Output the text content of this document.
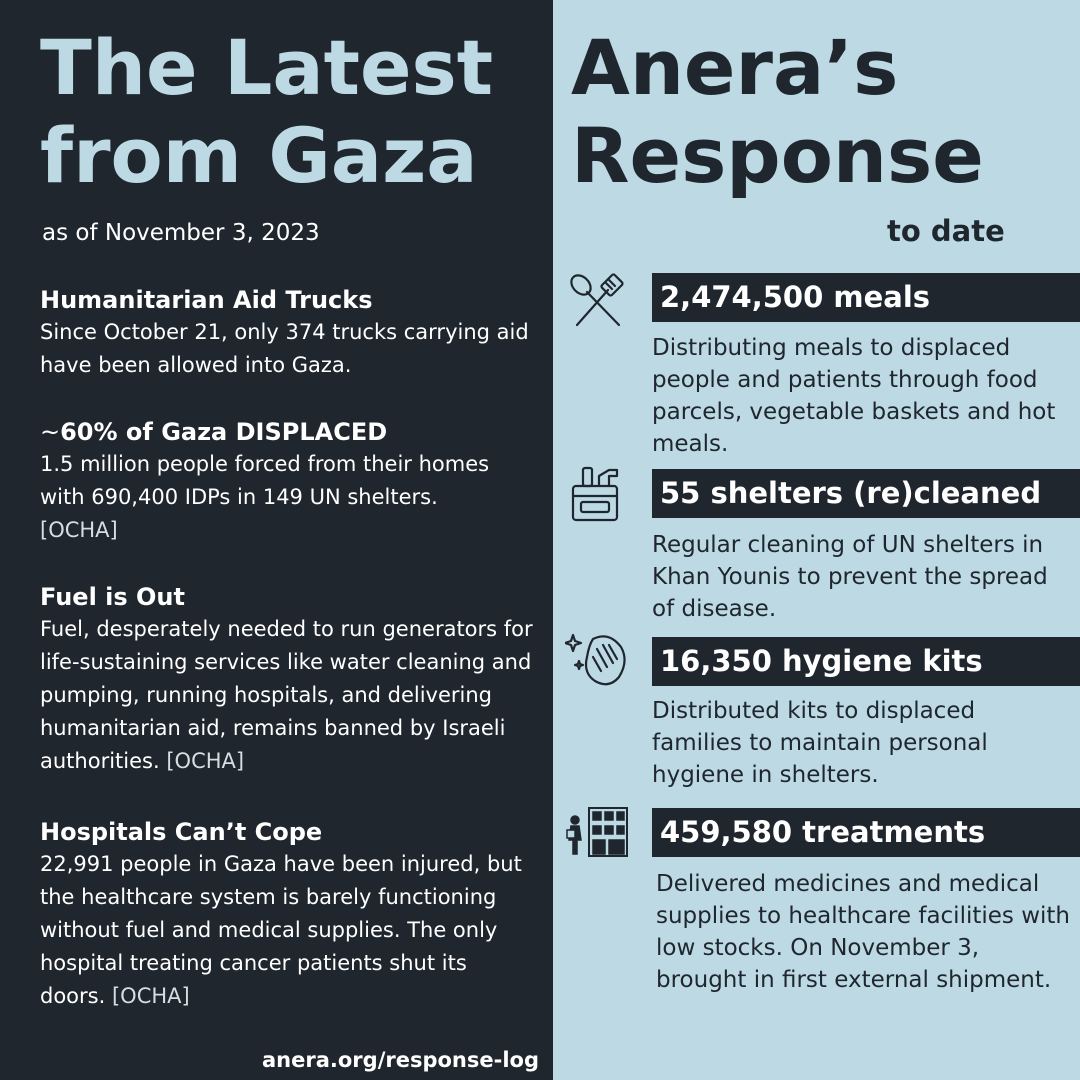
The Latest
from Gaza
as of November 3, 2023
Humanitarian Aid Trucks
Since October 21, only 374 trucks carrying aid have been allowed into Gaza.
~60% of Gaza DISPLACED
1.5 million people forced from their homes with 690,400 IDPs in 149 UN shelters.
[OCHA]
Fuel is Out
Fuel, desperately needed to run generators for life-sustaining services like water cleaning and pumping, running hospitals, and delivering humanitarian aid, remains banned by Israeli authorities. [OCHA]
Hospitals Can’t Cope
22,991 people in Gaza have been injured, but the healthcare system is barely functioning without fuel and medical supplies. The only hospital treating cancer patients shut its doors. [OCHA]
anera.org/response-log
Anera’s
Response
to date
2,474,500 meals
Distributing meals to displaced people and patients through food parcels, vegetable baskets and hot meals.
55 shelters (re)cleaned
Regular cleaning of UN shelters in Khan Younis to prevent the spread of disease.
16,350 hygiene kits
Distributed kits to displaced families to maintain personal hygiene in shelters.
459,580 treatments
Delivered medicines and medical supplies to healthcare facilities with low stocks. On November 3, brought in first external shipment.
